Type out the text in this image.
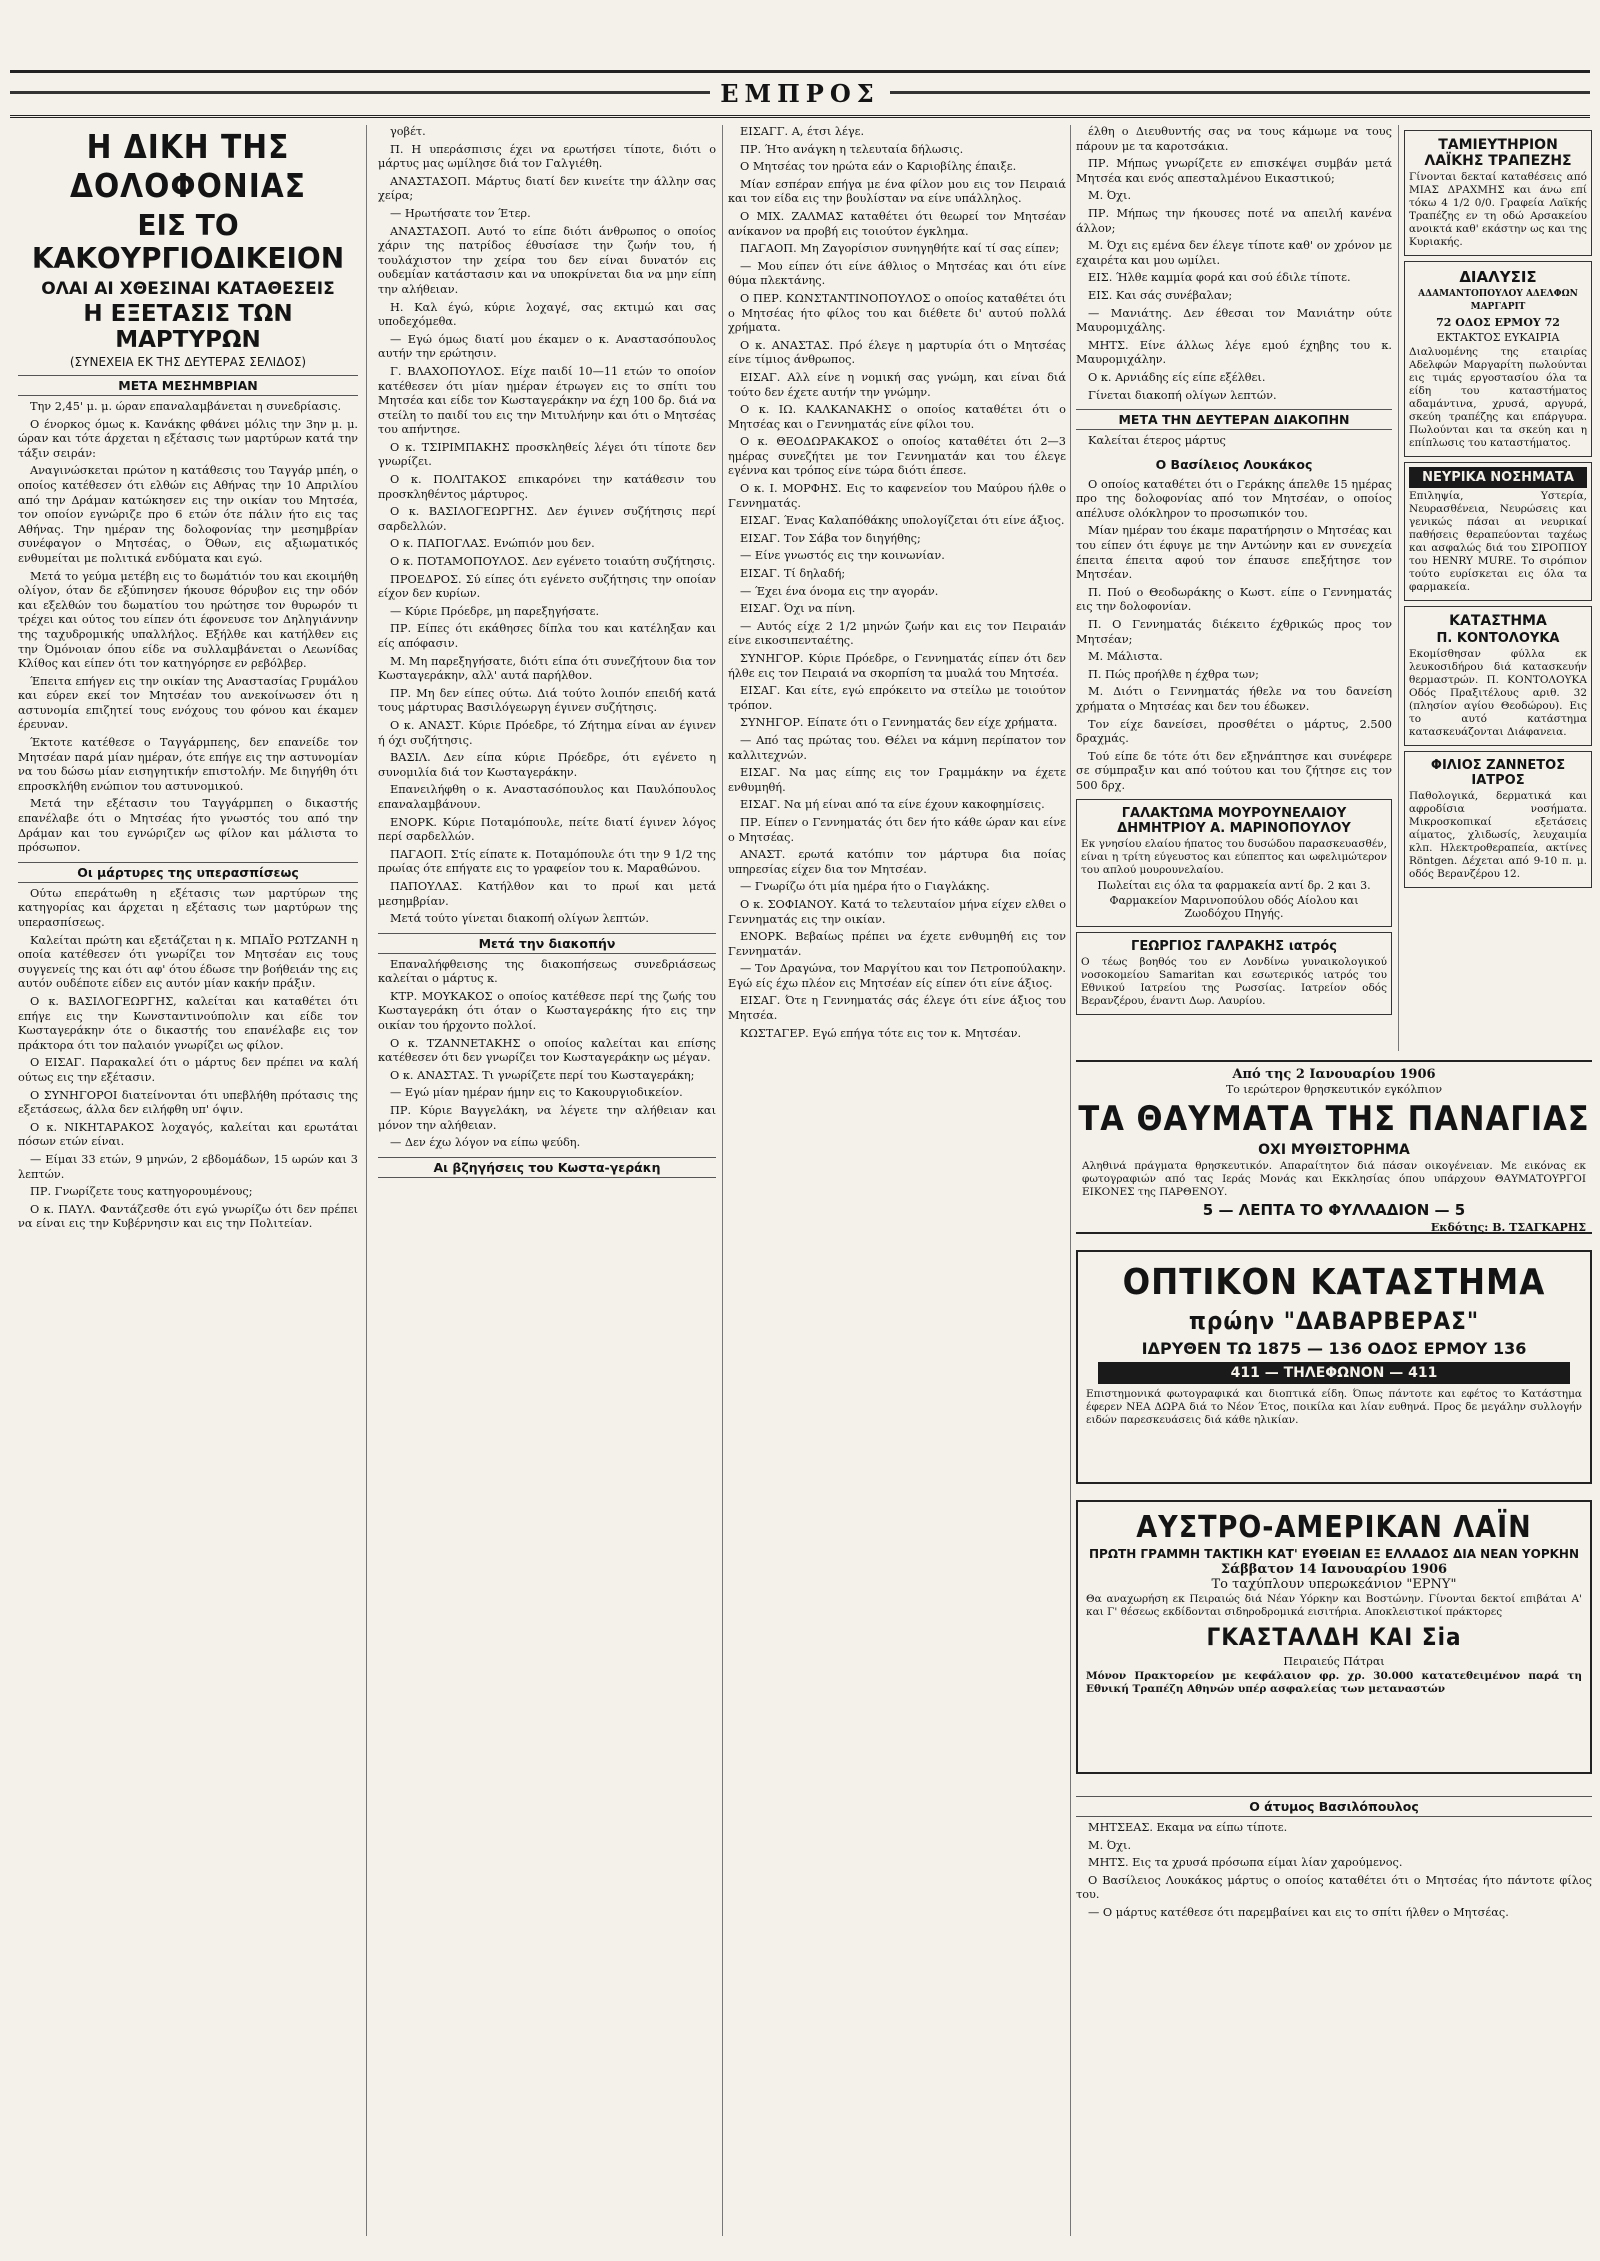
ΕΜΠΡΟΣ
Η ΔΙΚΗ ΤΗΣ ΔΟΛΟΦΟΝΙΑΣ
ΕΙΣ ΤΟ ΚΑΚΟΥΡΓΙΟΔΙΚΕΙΟΝ
ΟΛΑΙ ΑΙ ΧΘΕΣΙΝΑΙ ΚΑΤΑΘΕΣΕΙΣ
Η ΕΞΕΤΑΣΙΣ ΤΩΝ ΜΑΡΤΥΡΩΝ
(ΣΥΝΕΧΕΙΑ ΕΚ ΤΗΣ ΔΕΥΤΕΡΑΣ ΣΕΛΙΔΟΣ)
ΜΕΤΑ ΜΕΣΗΜΒΡΙΑΝ

Την 2,45' μ. μ. ώραν επαναλαμβάνεται η συνεδρίασις.

Ο ένορκος όμως κ. Κανάκης φθάνει μόλις την 3ην μ. μ. ώραν και τότε άρχεται η εξέτασις των μαρτύρων κατά την τάξιν σειράν:

Αναγινώσκεται πρώτον η κατάθεσις του Ταγγάρ μπέη, ο οποίος κατέθεσεν ότι ελθών εις Αθήνας την 10 Απριλίου από την Δράμαν κατώκησεν εις την οικίαν του Μητσέα, τον οποίον εγνώριζε προ 6 ετών ότε πάλιν ήτο εις τας Αθήνας. Την ημέραν της δολοφονίας την μεσημβρίαν συνέφαγον ο Μητσέας, ο Όθων, εις αξιωματικός ενθυμείται με πολιτικά ενδύματα και εγώ.

Μετά το γεύμα μετέβη εις το δωμάτιόν του και εκοιμήθη ολίγον, όταν δε εξύπνησεν ήκουσε θόρυβον εις την οδόν και εξελθών του δωματίου του ηρώτησε τον θυρωρόν τι τρέχει και ούτος του είπεν ότι έφονευσε τον Δηληγιάννην της ταχυδρομικής υπαλλήλος. Εξήλθε και κατήλθεν εις την Όμόνοιαν όπου είδε να συλλαμβάνεται ο Λεωνίδας Κλίθος και είπεν ότι τον κατηγόρησε εν ρεβόλβερ.

Έπειτα επήγεν εις την οικίαν της Αναστασίας Γρυμάλου και εύρεν εκεί τον Μητσέαν του ανεκοίνωσεν ότι η αστυνομία επιζητεί τους ενόχους του φόνου και έκαμεν έρευναν.

Έκτοτε κατέθεσε ο Ταγγάρμπεης, δεν επανείδε τον Μητσέαν παρά μίαν ημέραν, ότε επήγε εις την αστυνομίαν να του δώσω μίαν εισηγητικήν επιστολήν. Με διηγήθη ότι επροσκλήθη ενώπιον του αστυνομικού.

Μετά την εξέτασιν του Ταγγάρμπεη ο δικαστής επανέλαβε ότι ο Μητσέας ήτο γνωστός του από την Δράμαν και του εγνώριζεν ως φίλον και μάλιστα το πρόσωπον.

Οι μάρτυρες της υπερασπίσεως

Ούτω επεράτωθη η εξέτασις των μαρτύρων της κατηγορίας και άρχεται η εξέτασις των μαρτύρων της υπερασπίσεως.

Καλείται πρώτη και εξετάζεται η κ. ΜΠΑΪΟ ΡΩΤΖΑΝΗ η οποία κατέθεσεν ότι γνωρίζει τον Μητσέαν εις τους συγγενείς της και ότι αφ' ότου έδωσε την βοήθειάν της εις αυτόν ουδέποτε είδεν εις αυτόν μίαν κακήν πράξιν.

Ο κ. ΒΑΣΙΛΟΓΕΩΡΓΗΣ, καλείται και καταθέτει ότι επήγε εις την Κωνσταντινούπολιν και είδε τον Κωσταγεράκην ότε ο δικαστής του επανέλαβε εις τον πράκτορα ότι τον παλαιόν γνωρίζει ως φίλον.

Ο ΕΙΣΑΓ. Παρακαλεί ότι ο μάρτυς δεν πρέπει να καλή ούτως εις την εξέτασιν.

Ο ΣΥΝΗΓΟΡΟΙ διατείνονται ότι υπεβλήθη πρότασις της εξετάσεως, άλλα δεν ειλήφθη υπ' όψιν.

Ο κ. ΝΙΚΗΤΑΡΑΚΟΣ λοχαγός, καλείται και ερωτάται πόσων ετών είναι.

— Είμαι 33 ετών, 9 μηνών, 2 εβδομάδων, 15 ωρών και 3 λεπτών.

ΠΡ. Γνωρίζετε τους κατηγορουμένους;

Ο κ. ΠΑΥΛ. Φαντάζεσθε ότι εγώ γνωρίζω ότι δεν πρέπει να είναι εις την Κυβέρνησιν και εις την Πολιτείαν.

γοβέτ.

Π. Η υπεράσπισις έχει να ερωτήσει τίποτε, διότι ο μάρτυς μας ωμίλησε διά τον Γαλγιέθη.

ΑΝΑΣΤΑΣΟΠ. Μάρτυς διατί δεν κινείτε την άλλην σας χείρα;

— Ηρωτήσατε τον Έτερ.

ΑΝΑΣΤΑΣΟΠ. Αυτό το είπε διότι άνθρωπος ο οποίος χάριν της πατρίδος έθυσίασε την ζωήν του, ή τουλάχιστον την χείρα του δεν είναι δυνατόν εις ουδεμίαν κατάστασιν και να υποκρίνεται δια να μην είπη την αλήθειαν.

Η. Καλ έγώ, κύριε λοχαγέ, σας εκτιμώ και σας υποδεχόμεθα.

— Εγώ όμως διατί μου έκαμεν ο κ. Αναστασόπουλος αυτήν την ερώτησιν.

Γ. ΒΛΑΧΟΠΟΥΛΟΣ. Είχε παιδί 10—11 ετών το οποίον κατέθεσεν ότι μίαν ημέραν έτρωγεν εις το σπίτι του Μητσέα και είδε τον Κωσταγεράκην να έχη 100 δρ. διά να στείλη το παιδί του εις την Μιτυλήνην και ότι ο Μητσέας του απήντησε.

Ο κ. ΤΣΙΡΙΜΠΑΚΗΣ προσκληθείς λέγει ότι τίποτε δεν γνωρίζει.

Ο κ. ΠΟΛΙΤΑΚΟΣ επικαρόνει την κατάθεσιν του προσκληθέντος μάρτυρος.

Ο κ. ΒΑΣΙΛΟΓΕΩΡΓΗΣ. Δεν έγινεν συζήτησις περί σαρδελλών.

Ο κ. ΠΑΠΟΓΛΑΣ. Ενώπιόν μου δεν.

Ο κ. ΠΟΤΑΜΟΠΟΥΛΟΣ. Δεν εγένετο τοιαύτη συζήτησις.

ΠΡΟΕΔΡΟΣ. Σύ είπες ότι εγένετο συζήτησις την οποίαν είχον δεν κυρίων.

— Κύριε Πρόεδρε, μη παρεξηγήσατε.

ΠΡ. Είπες ότι εκάθησες δίπλα του και κατέληξαν και είς απόφασιν.

Μ. Μη παρεξηγήσατε, διότι είπα ότι συνεζήτουν δια τον Κωσταγεράκην, αλλ' αυτά παρήλθον.

ΠΡ. Μη δεν είπες ούτω. Διά τούτο λοιπόν επειδή κατά τους μάρτυρας Βασιλόγεωργη έγινεν συζήτησις.

Ο κ. ΑΝΑΣΤ. Κύριε Πρόεδρε, τό Ζήτημα είναι αν έγινεν ή όχι συζήτησις.

ΒΑΣΙΛ. Δεν είπα κύριε Πρόεδρε, ότι εγένετο η συνομιλία διά τον Κωσταγεράκην.

Επανειλήφθη ο κ. Αναστασόπουλος και Παυλόπουλος επαναλαμβάνουν.

ΕΝΟΡΚ. Κύριε Ποταμόπουλε, πείτε διατί έγινεν λόγος περί σαρδελλών.

ΠΑΓΑΟΠ. Στίς είπατε κ. Ποταμόπουλε ότι την 9 1/2 της πρωίας ότε επήγατε εις το γραφείον του κ. Μαραθώνου.

ΠΑΠΟΥΛΑΣ. Κατήλθον και το πρωί και μετά μεσημβρίαν.

Μετά τούτο γίνεται διακοπή ολίγων λεπτών.

Μετά την διακοπήν

Επαναλήφθεισης της διακοπήσεως συνεδριάσεως καλείται ο μάρτυς κ.

ΚΤΡ. ΜΟΥΚΑΚΟΣ ο οποίος κατέθεσε περί της ζωής του Κωσταγεράκη ότι όταν ο Κωσταγεράκης ήτο εις την οικίαν του ήρχοντο πολλοί.

Ο κ. ΤΖΑΝΝΕΤΑΚΗΣ ο οποίος καλείται και επίσης κατέθεσεν ότι δεν γνωρίζει τον Κωσταγεράκην ως μέγαν.

Ο κ. ΑΝΑΣΤΑΣ. Τι γνωρίζετε περί του Κωσταγεράκη;

— Εγώ μίαν ημέραν ήμην εις το Κακουργιοδικείον.

ΠΡ. Κύριε Βαγγελάκη, να λέγετε την αλήθειαν και μόνον την αλήθειαν.

— Δεν έχω λόγον να είπω ψεύδη.

Αι βζηγήσεις του Κωστα-γεράκη

ΕΙΣΑΓΓ. Α, έτσι λέγε.

ΠΡ. Ήτο ανάγκη η τελευταία δήλωσις.

Ο Μητσέας τον ηρώτα εάν ο Καριοβίλης έπαιξε.

Μίαν εσπέραν επήγα με ένα φίλον μου εις τον Πειραιά και τον είδα εις την βουλίσταν να είνε υπάλληλος.

Ο ΜΙΧ. ΖΑΛΜΑΣ καταθέτει ότι θεωρεί τον Μητσέαν ανίκανον να προβή εις τοιούτον έγκλημα.

ΠΑΓΑΟΠ. Μη Ζαγορίσιον συνηγηθήτε καί τί σας είπεν;

— Μου είπεν ότι είνε άθλιος ο Μητσέας και ότι είνε θύμα πλεκτάνης.

Ο ΠΕΡ. ΚΩΝΣΤΑΝΤΙΝΟΠΟΥΛΟΣ ο οποίος καταθέτει ότι ο Μητσέας ήτο φίλος του και διέθετε δι' αυτού πολλά χρήματα.

Ο κ. ΑΝΑΣΤΑΣ. Πρό έλεγε η μαρτυρία ότι ο Μητσέας είνε τίμιος άνθρωπος.

ΕΙΣΑΓ. Αλλ είνε η νομική σας γνώμη, και είναι διά τούτο δεν έχετε αυτήν την γνώμην.

Ο κ. ΙΩ. ΚΑΛΚΑΝΑΚΗΣ ο οποίος καταθέτει ότι ο Μητσέας και ο Γεννηματάς είνε φίλοι του.

Ο κ. ΘΕΟΔΩΡΑΚΑΚΟΣ ο οποίος καταθέτει ότι 2—3 ημέρας συνεζήτει με τον Γεννηματάν και του έλεγε εγέννα και τρόπος είνε τώρα διότι έπεσε.

Ο κ. Ι. ΜΟΡΦΗΣ. Εις το καφενείον του Μαύρου ήλθε ο Γεννηματάς.

ΕΙΣΑΓ. Ένας Καλαπόθάκης υπολογίζεται ότι είνε άξιος.

ΕΙΣΑΓ. Τον Σάβα τον διηγήθης;

— Είνε γνωστός εις την κοινωνίαν.

ΕΙΣΑΓ. Τί δηλαδή;

— Έχει ένα όνομα εις την αγοράν.

ΕΙΣΑΓ. Όχι να πίνη.

— Αυτός είχε 2 1/2 μηνών ζωήν και εις τον Πειραιάν είνε εικοσιπενταέτης.

ΣΥΝΗΓΟΡ. Κύριε Πρόεδρε, ο Γεννηματάς είπεν ότι δεν ήλθε εις τον Πειραιά να σκορπίση τα μυαλά του Μητσέα.

ΕΙΣΑΓ. Και είτε, εγώ επρόκειτο να στείλω με τοιούτον τρόπον.

ΣΥΝΗΓΟΡ. Είπατε ότι ο Γεννηματάς δεν είχε χρήματα.

— Από τας πρώτας του. Θέλει να κάμνη περίπατον τον καλλιτεχνών.

ΕΙΣΑΓ. Να μας είπης εις τον Γραμμάκην να έχετε ενθυμηθή.

ΕΙΣΑΓ. Να μή είναι από τα είνε έχουν κακοφημίσεις.

ΠΡ. Είπεν ο Γεννηματάς ότι δεν ήτο κάθε ώραν και είνε ο Μητσέας.

ΑΝΑΣΤ. ερωτά κατόπιν τον μάρτυρα δια ποίας υπηρεσίας είχεν δια τον Μητσέαν.

— Γνωρίζω ότι μία ημέρα ήτο ο Γιαγλάκης.

Ο κ. ΣΟΦΙΑΝΟΥ. Κατά το τελευταίον μήνα είχεν ελθει ο Γεννηματάς εις την οικίαν.

ΕΝΟΡΚ. Βεβαίως πρέπει να έχετε ενθυμηθή εις τον Γεννηματάν.

— Τον Δραγώνα, τον Μαργίτου και τον Πετροπούλακην. Εγώ είς έχω πλέον εις Μητσέαν είς είπεν ότι είνε άξιος.

ΕΙΣΑΓ. Ότε η Γεννηματάς σάς έλεγε ότι είνε άξιος του Μητσέα.

ΚΩΣΤΑΓΕΡ. Εγώ επήγα τότε εις τον κ. Μητσέαν.

έλθη ο Διευθυντής σας να τους κάμωμε να τους πάρουν με τα καροτσάκια.

ΠΡ. Μήπως γνωρίζετε εν επισκέψει συμβάν μετά Μητσέα και ενός απεσταλμένου Εικαστικού;

Μ. Όχι.

ΠΡ. Μήπως την ήκουσες ποτέ να απειλή κανένα άλλον;

Μ. Όχι εις εμένα δεν έλεγε τίποτε καθ' ον χρόνον με εχαιρέτα και μου ωμίλει.

ΕΙΣ. Ήλθε καμμία φορά και σού έδιλε τίποτε.

ΕΙΣ. Και σάς συνέβαλαν;

— Μανιάτης. Δεν έθεσαι τον Μανιάτην ούτε Μαυρομιχάλης.

ΜΗΤΣ. Είνε άλλως λέγε εμού έχηβης του κ. Μαυρομιχάλην.

Ο κ. Αρνιάδης είς είπε εξέλθει.

Γίνεται διακοπή ολίγων λεπτών.

ΜΕΤΑ ΤΗΝ ΔΕΥΤΕΡΑΝ ΔΙΑΚΟΠΗΝ

Καλείται έτερος μάρτυς

Ο Βασίλειος Λουκάκος

Ο οποίος καταθέτει ότι ο Γεράκης άπελθε 15 ημέρας προ της δολοφονίας από τον Μητσέαν, ο οποίος απέλυσε ολόκληρον το προσωπικόν του.

Μίαν ημέραν του έκαμε παρατήρησιν ο Μητσέας και του είπεν ότι έφυγε με την Αντώνην και εν συνεχεία έπειτα έπειτα αφού τον έπαυσε επεξήτησε τον Μητσέαν.

Π. Πού ο Θεοδωράκης ο Κωστ. είπε ο Γεννηματάς εις την δολοφονίαν.

Π. Ο Γεννηματάς διέκειτο έχθρικώς προς τον Μητσέαν;

Μ. Μάλιστα.

Π. Πώς προήλθε η έχθρα των;

Μ. Διότι ο Γεννηματάς ήθελε να του δανείση χρήματα ο Μητσέας και δεν του έδωκεν.

Τον είχε δανείσει, προσθέτει ο μάρτυς, 2.500 δραχμάς.

Τού είπε δε τότε ότι δεν εξηνάπτησε και συνέφερε σε σύμπραξιν και από τούτου και του ζήτησε εις τον 500 δρχ.

ΓΑΛΑΚΤΩΜΑ ΜΟΥΡΟΥΝΕΛΑΙΟΥ ΔΗΜΗΤΡΙΟΥ Α. ΜΑΡΙΝΟΠΟΥΛΟΥ
Εκ γνησίου ελαίου ήπατος του δυσώδου παρασκευασθέν, είναι η τρίτη εύγευστος και εύπεπτος και ωφελιμώτερον του απλού μουρουνελαίου.
Πωλείται εις όλα τα φαρμακεία αντί δρ. 2 και 3.
Φαρμακείον Μαρινοπούλου οδός Αίολου και Ζωοδόχου Πηγής.
ΓΕΩΡΓΙΟΣ ΓΑΛΡΑΚΗΣ ιατρός
Ο τέως βοηθός του εν Λονδίνω γυναικολογικού νοσοκομείου Samaritan και εσωτερικός ιατρός του Εθνικού Ιατρείου της Ρωσσίας. Ιατρείον οδός Βερανζέρου, έναντι Δωρ. Λαυρίου.
ΤΑΜΙΕΥΤΗΡΙΟΝ ΛΑΪΚΗΣ ΤΡΑΠΕΖΗΣ
Γίνονται δεκταί καταθέσεις από ΜΙΑΣ ΔΡΑΧΜΗΣ και άνω επί τόκω 4 1/2 0/0. Γραφεία Λαϊκής Τραπέζης εν τη οδώ Αρσακείου ανοικτά καθ' εκάστην ως και της Κυριακής.
ΔΙΑΛΥΣΙΣ
ΑΔΑΜΑΝΤΟΠΟΥΛΟΥ ΑΔΕΛΦΩΝ ΜΑΡΓΑΡΙΤ
72 ΟΔΟΣ ΕΡΜΟΥ 72
ΕΚΤΑΚΤΟΣ ΕΥΚΑΙΡΙΑ
Διαλυομένης της εταιρίας Αδελφών Μαργαρίτη πωλούνται εις τιμάς εργοστασίου όλα τα είδη του καταστήματος αδαμάντινα, χρυσά, αργυρά, σκεύη τραπέζης και επάργυρα. Πωλούνται και τα σκεύη και η επίπλωσις του καταστήματος.
ΝΕΥΡΙΚΑ ΝΟΣΗΜΑΤΑ
Επιληψία, Υστερία, Νευρασθένεια, Νευρώσεις και γενικώς πάσαι αι νευρικαί παθήσεις θεραπεύονται ταχέως και ασφαλώς διά του ΣΙΡΟΠΙΟΥ του HENRY MURE. Το σιρόπιον τούτο ευρίσκεται εις όλα τα φαρμακεία.
ΚΑΤΑΣΤΗΜΑ
Π. ΚΟΝΤΟΛΟΥΚΑ
Εκομίσθησαν φύλλα εκ λευκοσιδήρου διά κατασκευήν θερμαστρών. Π. ΚΟΝΤΟΛΟΥΚΑ Οδός Πραξιτέλους αριθ. 32 (πλησίον αγίου Θεοδώρου). Εις το αυτό κατάστημα κατασκευάζονται Διάφανεια.
ΦΙΛΙΟΣ ΖΑΝΝΕΤΟΣ ΙΑΤΡΟΣ
Παθολογικά, δερματικά και αφροδίσια νοσήματα. Μικροσκοπικαί εξετάσεις αίματος, χλιδωσίς, λευχαιμία κλπ. Ηλεκτροθεραπεία, ακτίνες Röntgen. Δέχεται από 9-10 π. μ. οδός Βερανζέρου 12.
Από της 2 Ιανουαρίου 1906
Το ιερώτερον θρησκευτικόν εγκόλπιον
ΤΑ ΘΑΥΜΑΤΑ ΤΗΣ ΠΑΝΑΓΙΑΣ
ΟΧΙ ΜΥΘΙΣΤΟΡΗΜΑ
Αληθινά πράγματα θρησκευτικόν. Απαραίτητον διά πάσαν οικογένειαν. Με εικόνας εκ φωτογραφιών από τας Ιεράς Μονάς και Εκκλησίας όπου υπάρχουν ΘΑΥΜΑΤΟΥΡΓΟΙ ΕΙΚΟΝΕΣ της ΠΑΡΘΕΝΟΥ.
5 — ΛΕΠΤΑ ΤΟ ΦΥΛΛΑΔΙΟΝ — 5
Εκδότης: Β. ΤΣΑΓΚΑΡΗΣ
ΟΠΤΙΚΟΝ ΚΑΤΑΣΤΗΜΑ
πρώην "ΔΑΒΑΡΒΕΡΑΣ"
ΙΔΡΥΘΕΝ ΤΩ 1875 — 136 ΟΔΟΣ ΕΡΜΟΥ 136
411 — ΤΗΛΕΦΩΝΟΝ — 411
Επιστημονικά φωτογραφικά και διοπτικά είδη. Όπως πάντοτε και εφέτος το Κατάστημα έφερεν NEA ΔΩΡΑ διά το Νέον Έτος, ποικίλα και λίαν ευθηνά. Προς δε μεγάλην συλλογήν ειδών παρεσκευάσεις διά κάθε ηλικίαν.
ΑΥΣΤΡΟ-ΑΜΕΡΙΚΑΝ ΛΑΪΝ
ΠΡΩΤΗ ΓΡΑΜΜΗ ΤΑΚΤΙΚΗ ΚΑΤ' ΕΥΘΕΙΑΝ ΕΞ ΕΛΛΑΔΟΣ ΔΙΑ ΝΕΑΝ ΥΟΡΚΗΝ
Σάββατον 14 Ιανουαρίου 1906
Το ταχύπλουν υπερωκεάνιον "ΕΡΝΥ"
Θα αναχωρήση εκ Πειραιώς διά Νέαν Υόρκην και Βοστώνην. Γίνονται δεκτοί επιβάται Α' και Γ' θέσεως εκδίδονται σιδηροδρομικά εισιτήρια. Αποκλειστικοί πράκτορες
ΓΚΑΣΤΑΛΔΗ ΚΑΙ Σia
Πειραιεύς Πάτραι
Μόνον Πρακτορείον με κεφάλαιον φρ. χρ. 30.000 κατατεθειμένον παρά τη Εθνική Τραπέζη Αθηνών υπέρ ασφαλείας των μεταναστών
Ο άτυμος Βασιλόπουλος

ΜΗΤΣΕΑΣ. Εκαμα να είπω τίποτε.

Μ. Όχι.

ΜΗΤΣ. Εις τα χρυσά πρόσωπα είμαι λίαν χαρούμενος.

Ο Βασίλειος Λουκάκος μάρτυς ο οποίος καταθέτει ότι ο Μητσέας ήτο πάντοτε φίλος του.

— Ο μάρτυς κατέθεσε ότι παρεμβαίνει και εις το σπίτι ήλθεν ο Μητσέας.
